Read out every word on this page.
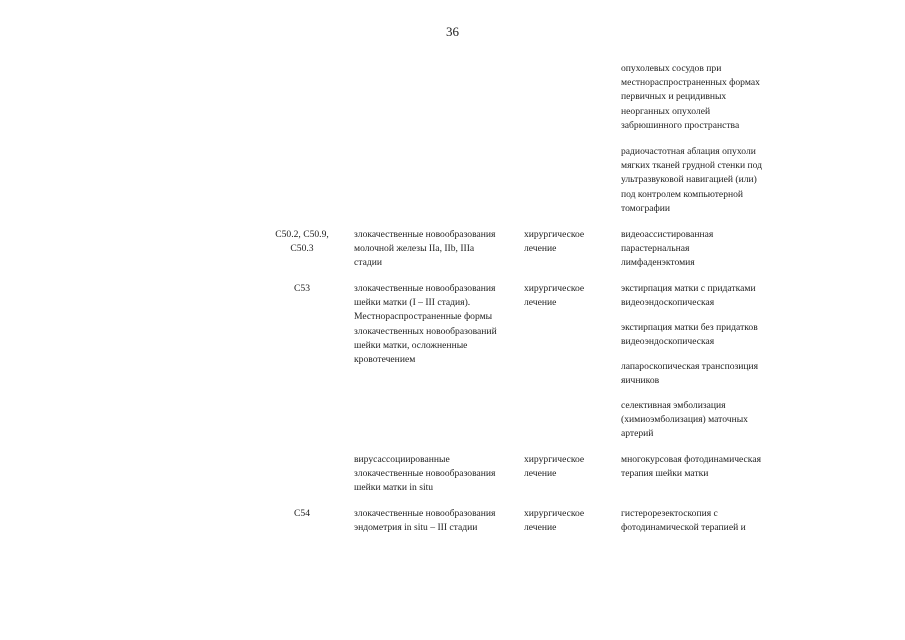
36
опухолевых сосудов при
местнораспространенных формах
первичных и рецидивных
неорганных опухолей
забрюшинного пространства
радиочастотная аблация опухоли
мягких тканей грудной стенки под
ультразвуковой навигацией (или)
под контролем компьютерной
томографии
C50.2, C50.9,
C50.3
злокачественные новообразования
молочной железы IIa, IIb, IIIa
стадии
хирургическое
лечение
видеоассистированная
парастернальная
лимфаденэктомия
C53	злокачественные новообразования
шейки матки (I – III стадия).
Местнораспространенные формы
злокачественных новообразований
шейки матки, осложненные
кровотечением
хирургическое
лечение
экстирпация матки с придатками
видеоэндоскопическая
экстирпация матки без придатков
видеоэндоскопическая
лапароскопическая транспозиция
яичников
селективная эмболизация
(химиоэмболизация) маточных
артерий
вирусассоциированные
злокачественные новообразования
шейки матки in situ
хирургическое
лечение
многокурсовая фотодинамическая
терапия шейки матки
C54	злокачественные новообразования
эндометрия in situ – III стадии
хирургическое
лечение
гистерорезектоскопия с
фотодинамической терапией и
